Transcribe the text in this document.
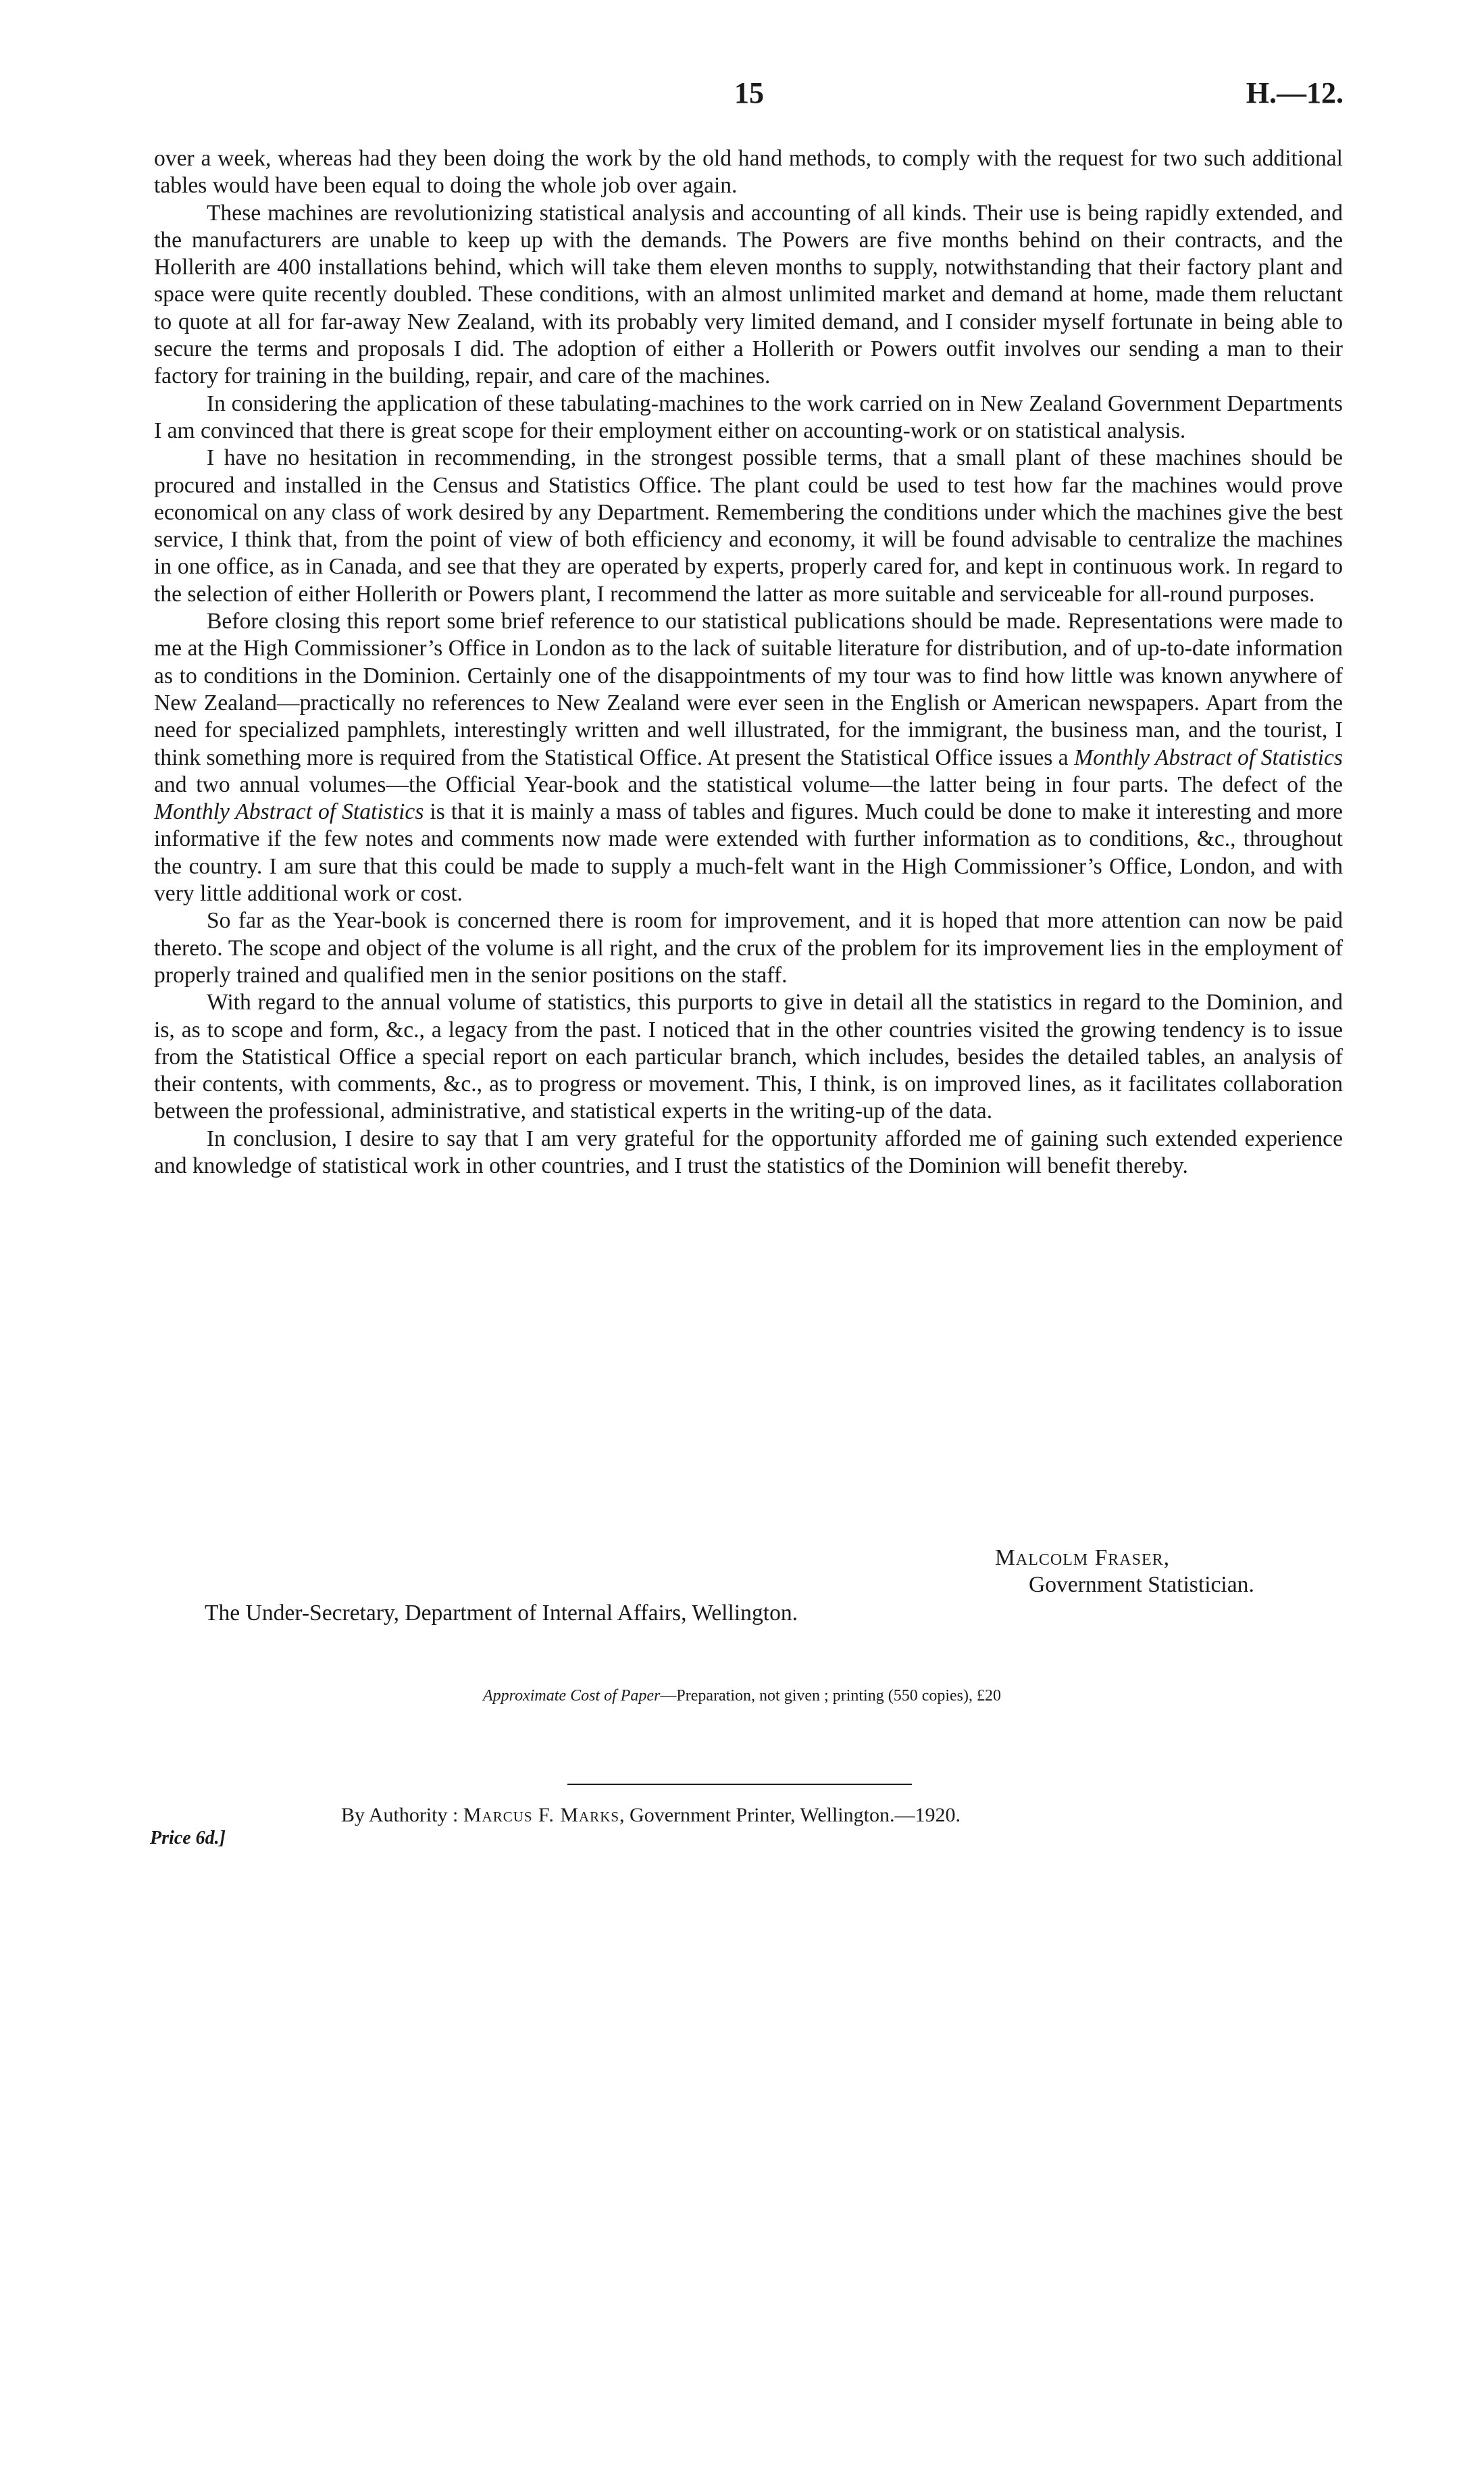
15	H.—12.

over a week, whereas had they been doing the work by the old hand methods, to comply with the request for two such additional tables would have been equal to doing the whole job over again.

These machines are revolutionizing statistical analysis and accounting of all kinds. Their use is being rapidly extended, and the manufacturers are unable to keep up with the demands. The Powers are five months behind on their contracts, and the Hollerith are 400 installations behind, which will take them eleven months to supply, notwithstanding that their factory plant and space were quite recently doubled. These conditions, with an almost unlimited market and demand at home, made them reluctant to quote at all for far-away New Zealand, with its probably very limited demand, and I consider myself fortunate in being able to secure the terms and proposals I did. The adoption of either a Hollerith or Powers outfit involves our sending a man to their factory for training in the building, repair, and care of the machines.

In considering the application of these tabulating-machines to the work carried on in New Zealand Government Departments I am convinced that there is great scope for their employment either on accounting-work or on statistical analysis.

I have no hesitation in recommending, in the strongest possible terms, that a small plant of these machines should be procured and installed in the Census and Statistics Office. The plant could be used to test how far the machines would prove economical on any class of work desired by any Department. Remembering the conditions under which the machines give the best service, I think that, from the point of view of both efficiency and economy, it will be found advisable to centralize the machines in one office, as in Canada, and see that they are operated by experts, properly cared for, and kept in continuous work. In regard to the selection of either Hollerith or Powers plant, I recommend the latter as more suitable and serviceable for all-round purposes.

Before closing this report some brief reference to our statistical publications should be made. Representations were made to me at the High Commissioner’s Office in London as to the lack of suitable literature for distribution, and of up-to-date information as to conditions in the Dominion. Certainly one of the disappointments of my tour was to find how little was known anywhere of New Zealand—practically no references to New Zealand were ever seen in the English or American newspapers. Apart from the need for specialized pamphlets, interestingly written and well illustrated, for the immigrant, the business man, and the tourist, I think something more is required from the Statistical Office. At present the Statistical Office issues a Monthly Abstract of Statistics and two annual volumes—the Official Year-book and the statistical volume—the latter being in four parts. The defect of the Monthly Abstract of Statistics is that it is mainly a mass of tables and figures. Much could be done to make it interesting and more informative if the few notes and comments now made were extended with further information as to conditions, &c., throughout the country. I am sure that this could be made to supply a much-felt want in the High Commissioner’s Office, London, and with very little additional work or cost.

So far as the Year-book is concerned there is room for improvement, and it is hoped that more attention can now be paid thereto. The scope and object of the volume is all right, and the crux of the problem for its improvement lies in the employment of properly trained and qualified men in the senior positions on the staff.

With regard to the annual volume of statistics, this purports to give in detail all the statistics in regard to the Dominion, and is, as to scope and form, &c., a legacy from the past. I noticed that in the other countries visited the growing tendency is to issue from the Statistical Office a special report on each particular branch, which includes, besides the detailed tables, an analysis of their contents, with comments, &c., as to progress or movement. This, I think, is on improved lines, as it facilitates collaboration between the professional, administrative, and statistical experts in the writing-up of the data.

In conclusion, I desire to say that I am very grateful for the opportunity afforded me of gaining such extended experience and knowledge of statistical work in other countries, and I trust the statistics of the Dominion will benefit thereby.

Malcolm Fraser,
Government Statistician.
The Under-Secretary, Department of Internal Affairs, Wellington.
Approximate Cost of Paper—Preparation, not given ; printing (550 copies), £20
By Authority : Marcus F. Marks, Government Printer, Wellington.—1920.
Price 6d.]
